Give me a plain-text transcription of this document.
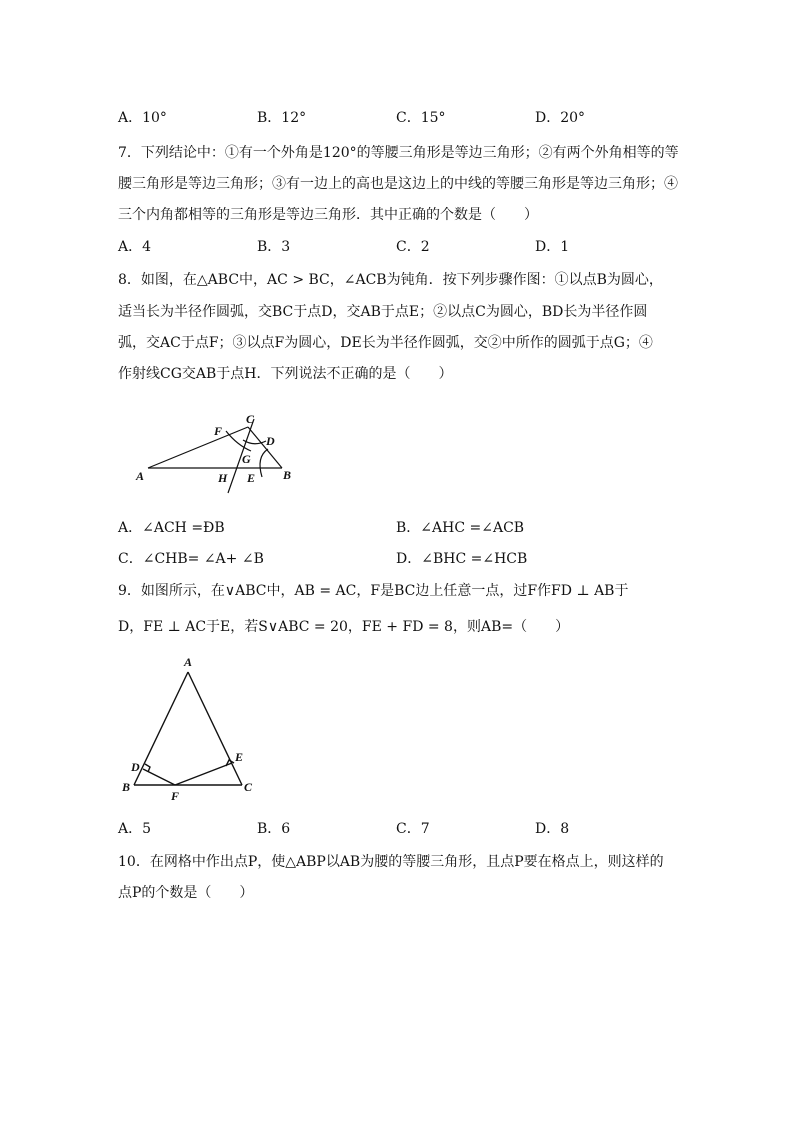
A．10°	B．12°	C．15°	D．20°
7．下列结论中：①有一个外角是120°的等腰三角形是等边三角形；②有两个外角相等的等
腰三角形是等边三角形；③有一边上的高也是这边上的中线的等腰三角形是等边三角形；④
三个内角都相等的三角形是等边三角形．其中正确的个数是（　　）
A．4	B．3	C．2	D．1
8．如图，在△ABC中，AC > BC，∠ACB为钝角．按下列步骤作图：①以点B为圆心，
适当长为半径作圆弧，交BC于点D，交AB于点E；②以点C为圆心，BD长为半径作圆
弧，交AC于点F；③以点F为圆心，DE长为半径作圆弧，交②中所作的圆弧于点G；④
作射线CG交AB于点H．下列说法不正确的是（　　）
C
F
D
G
A	H E B
A．∠ACH =ÐB	B．∠AHC =∠ACB
C．∠CHB= ∠A+ ∠B	D．∠BHC =∠HCB
9．如图所示，在∨ABC中，AB = AC，F是BC边上任意一点，过F作FD ⊥ AB于
D，FE ⊥ AC于E，若S∨ABC = 20，FE + FD = 8，则AB=（　　）
A
D
E
B	C
F
A．5	B．6	C．7	D．8
10．在网格中作出点P，使△ABP以AB为腰的等腰三角形，且点P要在格点上，则这样的
点P的个数是（　　）
